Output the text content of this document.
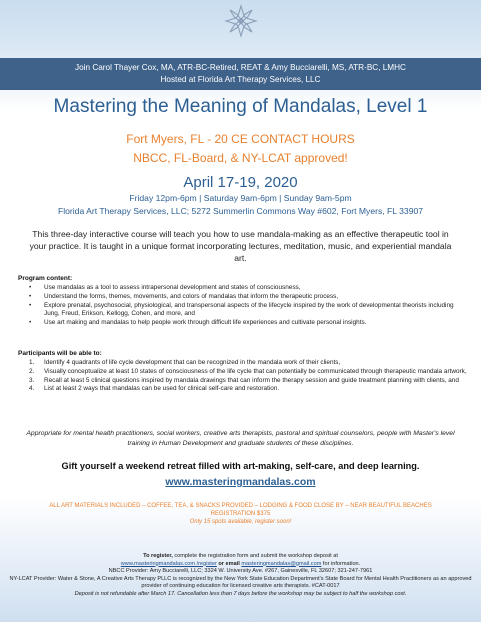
Join Carol Thayer Cox, MA, ATR-BC-Retired, REAT & Amy Bucciarelli, MS, ATR-BC, LMHC
Hosted at Florida Art Therapy Services, LLC
Mastering the Meaning of Mandalas, Level 1
Fort Myers, FL - 20 CE CONTACT HOURS
NBCC, FL-Board, & NY-LCAT approved!
April 17-19, 2020
Friday 12pm-6pm | Saturday 9am-6pm | Sunday 9am-5pm
Florida Art Therapy Services, LLC; 5272 Summerlin Commons Way #602, Fort Myers, FL 33907
This three-day interactive course will teach you how to use mandala-making as an effective therapeutic tool in your practice. It is taught in a unique format incorporating lectures, meditation, music, and experiential mandala art.
Program content:
• Use mandalas as a tool to assess intrapersonal development and states of consciousness,
• Understand the forms, themes, movements, and colors of mandalas that inform the therapeutic process,
• Explore prenatal, psychosocial, physiological, and transpersonal aspects of the lifecycle inspired by the work of developmental theorists including Jung, Freud, Erikson, Kellogg, Cohen, and more, and
• Use art making and mandalas to help people work through difficult life experiences and cultivate personal insights.
Participants will be able to:
1. Identify 4 quadrants of life cycle development that can be recognized in the mandala work of their clients,
2. Visually conceptualize at least 10 states of consciousness of the life cycle that can potentially be communicated through therapeutic mandala artwork,
3. Recall at least 5 clinical questions inspired by mandala drawings that can inform the therapy session and guide treatment planning with clients, and
4. List at least 2 ways that mandalas can be used for clinical self-care and restoration.
Appropriate for mental health practitioners, social workers, creative arts therapists, pastoral and spiritual counselors, people with Master's level training in Human Development and graduate students of these disciplines.
Gift yourself a weekend retreat filled with art-making, self-care, and deep learning.
www.masteringmandalas.com
ALL ART MATERIALS INCLUDED – COFFEE, TEA, & SNACKS PROVIDED – LODGING & FOOD CLOSE BY – NEAR BEAUTIFUL BEACHES
REGISTRATION $375
Only 15 spots available, register soon!
To register, complete the registration form and submit the workshop deposit at
www.masteringmandalas.com /register or email masteringmandalas@gmail.com for information.
NBCC Provider: Amy Bucciarelli, LLC; 3324 W. University Ave. #267, Gainesville, FL 32607; 321-247-7961
NY-LCAT Provider: Water & Stone, A Creative Arts Therapy PLLC is recognized by the New York State Education Department's State Board for Mental Health Practitioners as an approved provider of continuing education for licensed creative arts therapists. #CAT-0017
Deposit is not refundable after March 17. Cancellation less than 7 days before the workshop may be subject to half the workshop cost.
